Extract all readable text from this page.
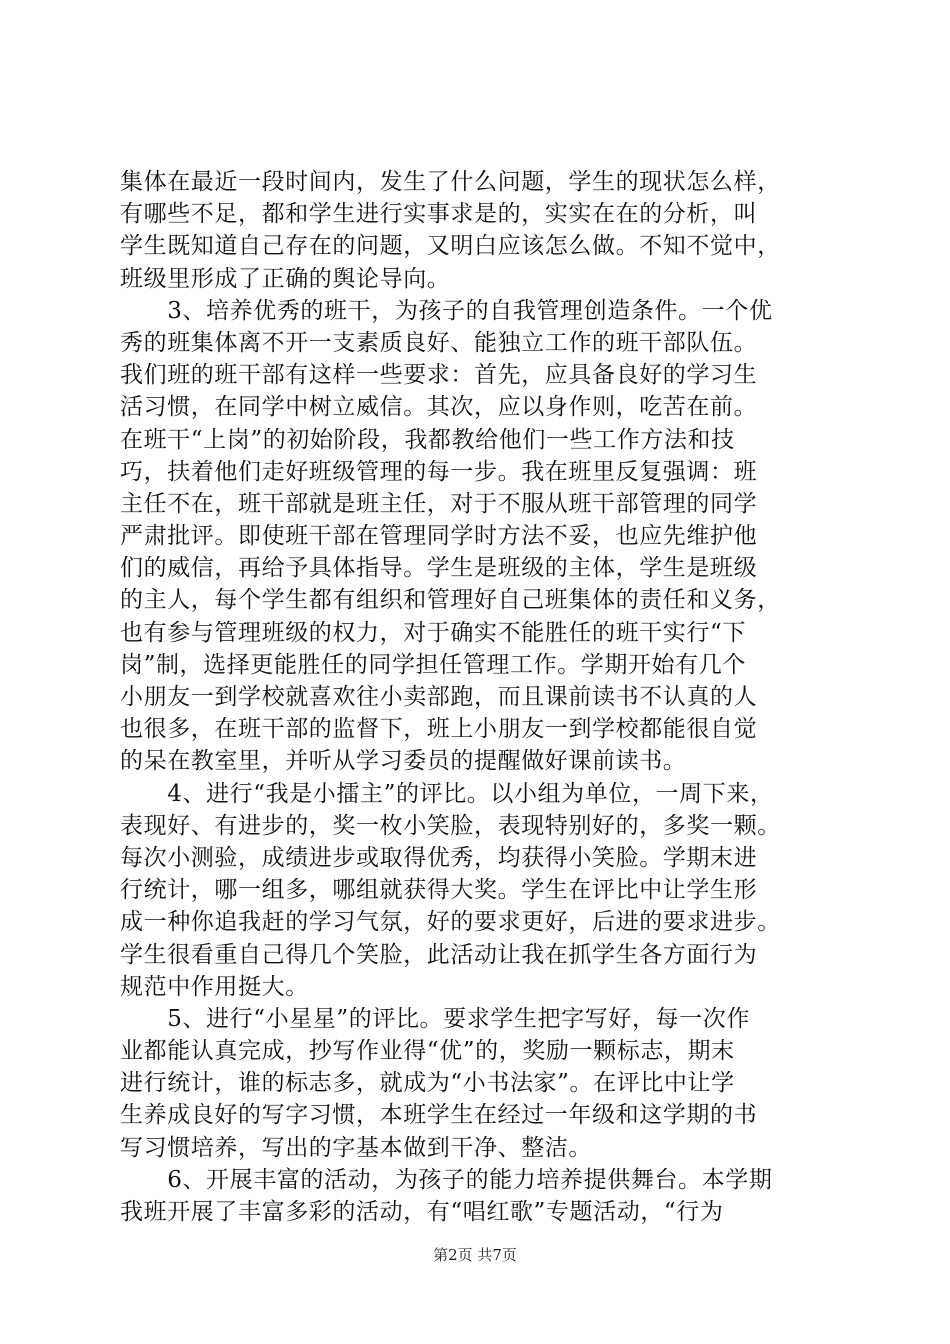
集体在最近一段时间内，发生了什么问题，学生的现状怎么样，
有哪些不足，都和学生进行实事求是的，实实在在的分析，叫
学生既知道自己存在的问题，又明白应该怎么做。不知不觉中，
班级里形成了正确的舆论导向。
　　3、培养优秀的班干，为孩子的自我管理创造条件。一个优
秀的班集体离不开一支素质良好、能独立工作的班干部队伍。
我们班的班干部有这样一些要求：首先，应具备良好的学习生
活习惯，在同学中树立威信。其次，应以身作则，吃苦在前。
在班干“上岗”的初始阶段，我都教给他们一些工作方法和技
巧，扶着他们走好班级管理的每一步。我在班里反复强调：班
主任不在，班干部就是班主任，对于不服从班干部管理的同学
严肃批评。即使班干部在管理同学时方法不妥，也应先维护他
们的威信，再给予具体指导。学生是班级的主体，学生是班级
的主人，每个学生都有组织和管理好自己班集体的责任和义务，
也有参与管理班级的权力，对于确实不能胜任的班干实行“下
岗”制，选择更能胜任的同学担任管理工作。学期开始有几个
小朋友一到学校就喜欢往小卖部跑，而且课前读书不认真的人
也很多，在班干部的监督下，班上小朋友一到学校都能很自觉
的呆在教室里，并听从学习委员的提醒做好课前读书。
　　4、进行“我是小擂主”的评比。以小组为单位，一周下来，
表现好、有进步的，奖一枚小笑脸，表现特别好的，多奖一颗。
每次小测验，成绩进步或取得优秀，均获得小笑脸。学期末进
行统计，哪一组多，哪组就获得大奖。学生在评比中让学生形
成一种你追我赶的学习气氛，好的要求更好，后进的要求进步。
学生很看重自己得几个笑脸，此活动让我在抓学生各方面行为
规范中作用挺大。
　　5、进行“小星星”的评比。要求学生把字写好，每一次作
业都能认真完成，抄写作业得“优”的，奖励一颗标志，期末
进行统计，谁的标志多，就成为“小书法家”。在评比中让学
生养成良好的写字习惯，本班学生在经过一年级和这学期的书
写习惯培养，写出的字基本做到干净、整洁。
　　6、开展丰富的活动，为孩子的能力培养提供舞台。本学期
我班开展了丰富多彩的活动，有“唱红歌”专题活动，“行为
第2页 共7页
